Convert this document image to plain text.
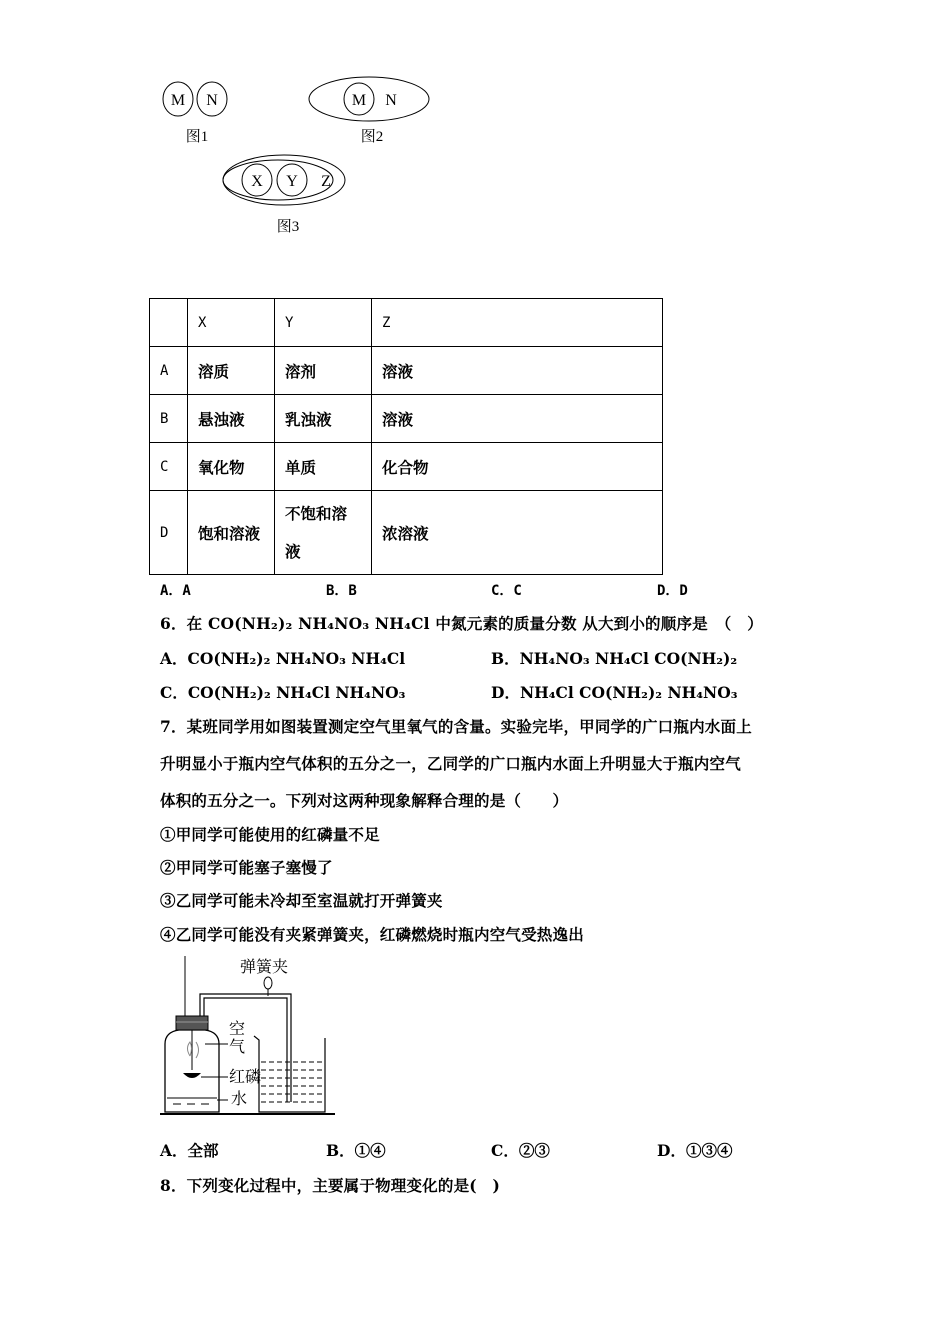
M N
图1
M N
图2
X Y Z
图3
	X	Y	Z
A	溶质	溶剂	溶液
B	悬浊液	乳浊液	溶液
C	氧化物	单质	化合物
D	饱和溶液	不饱和溶液	浓溶液
A．A	B．B	C．C	D．D
6．在 CO(NH₂)₂ NH₄NO₃ NH₄Cl 中氮元素的质量分数 从大到小的顺序是　（　）
A．CO(NH₂)₂ NH₄NO₃ NH₄Cl	B．NH₄NO₃ NH₄Cl CO(NH₂)₂
C．CO(NH₂)₂ NH₄Cl NH₄NO₃	D．NH₄Cl CO(NH₂)₂ NH₄NO₃
7．某班同学用如图装置测定空气里氧气的含量。实验完毕，甲同学的广口瓶内水面上
升明显小于瓶内空气体积的五分之一，乙同学的广口瓶内水面上升明显大于瓶内空气
体积的五分之一。下列对这两种现象解释合理的是（　　）
①甲同学可能使用的红磷量不足
②甲同学可能塞子塞慢了
③乙同学可能未冷却至室温就打开弹簧夹
④乙同学可能没有夹紧弹簧夹，红磷燃烧时瓶内空气受热逸出
弹簧夹
空
气
红磷
水
A．全部	B．①④	C．②③	D．①③④
8．下列变化过程中，主要属于物理变化的是(　)
